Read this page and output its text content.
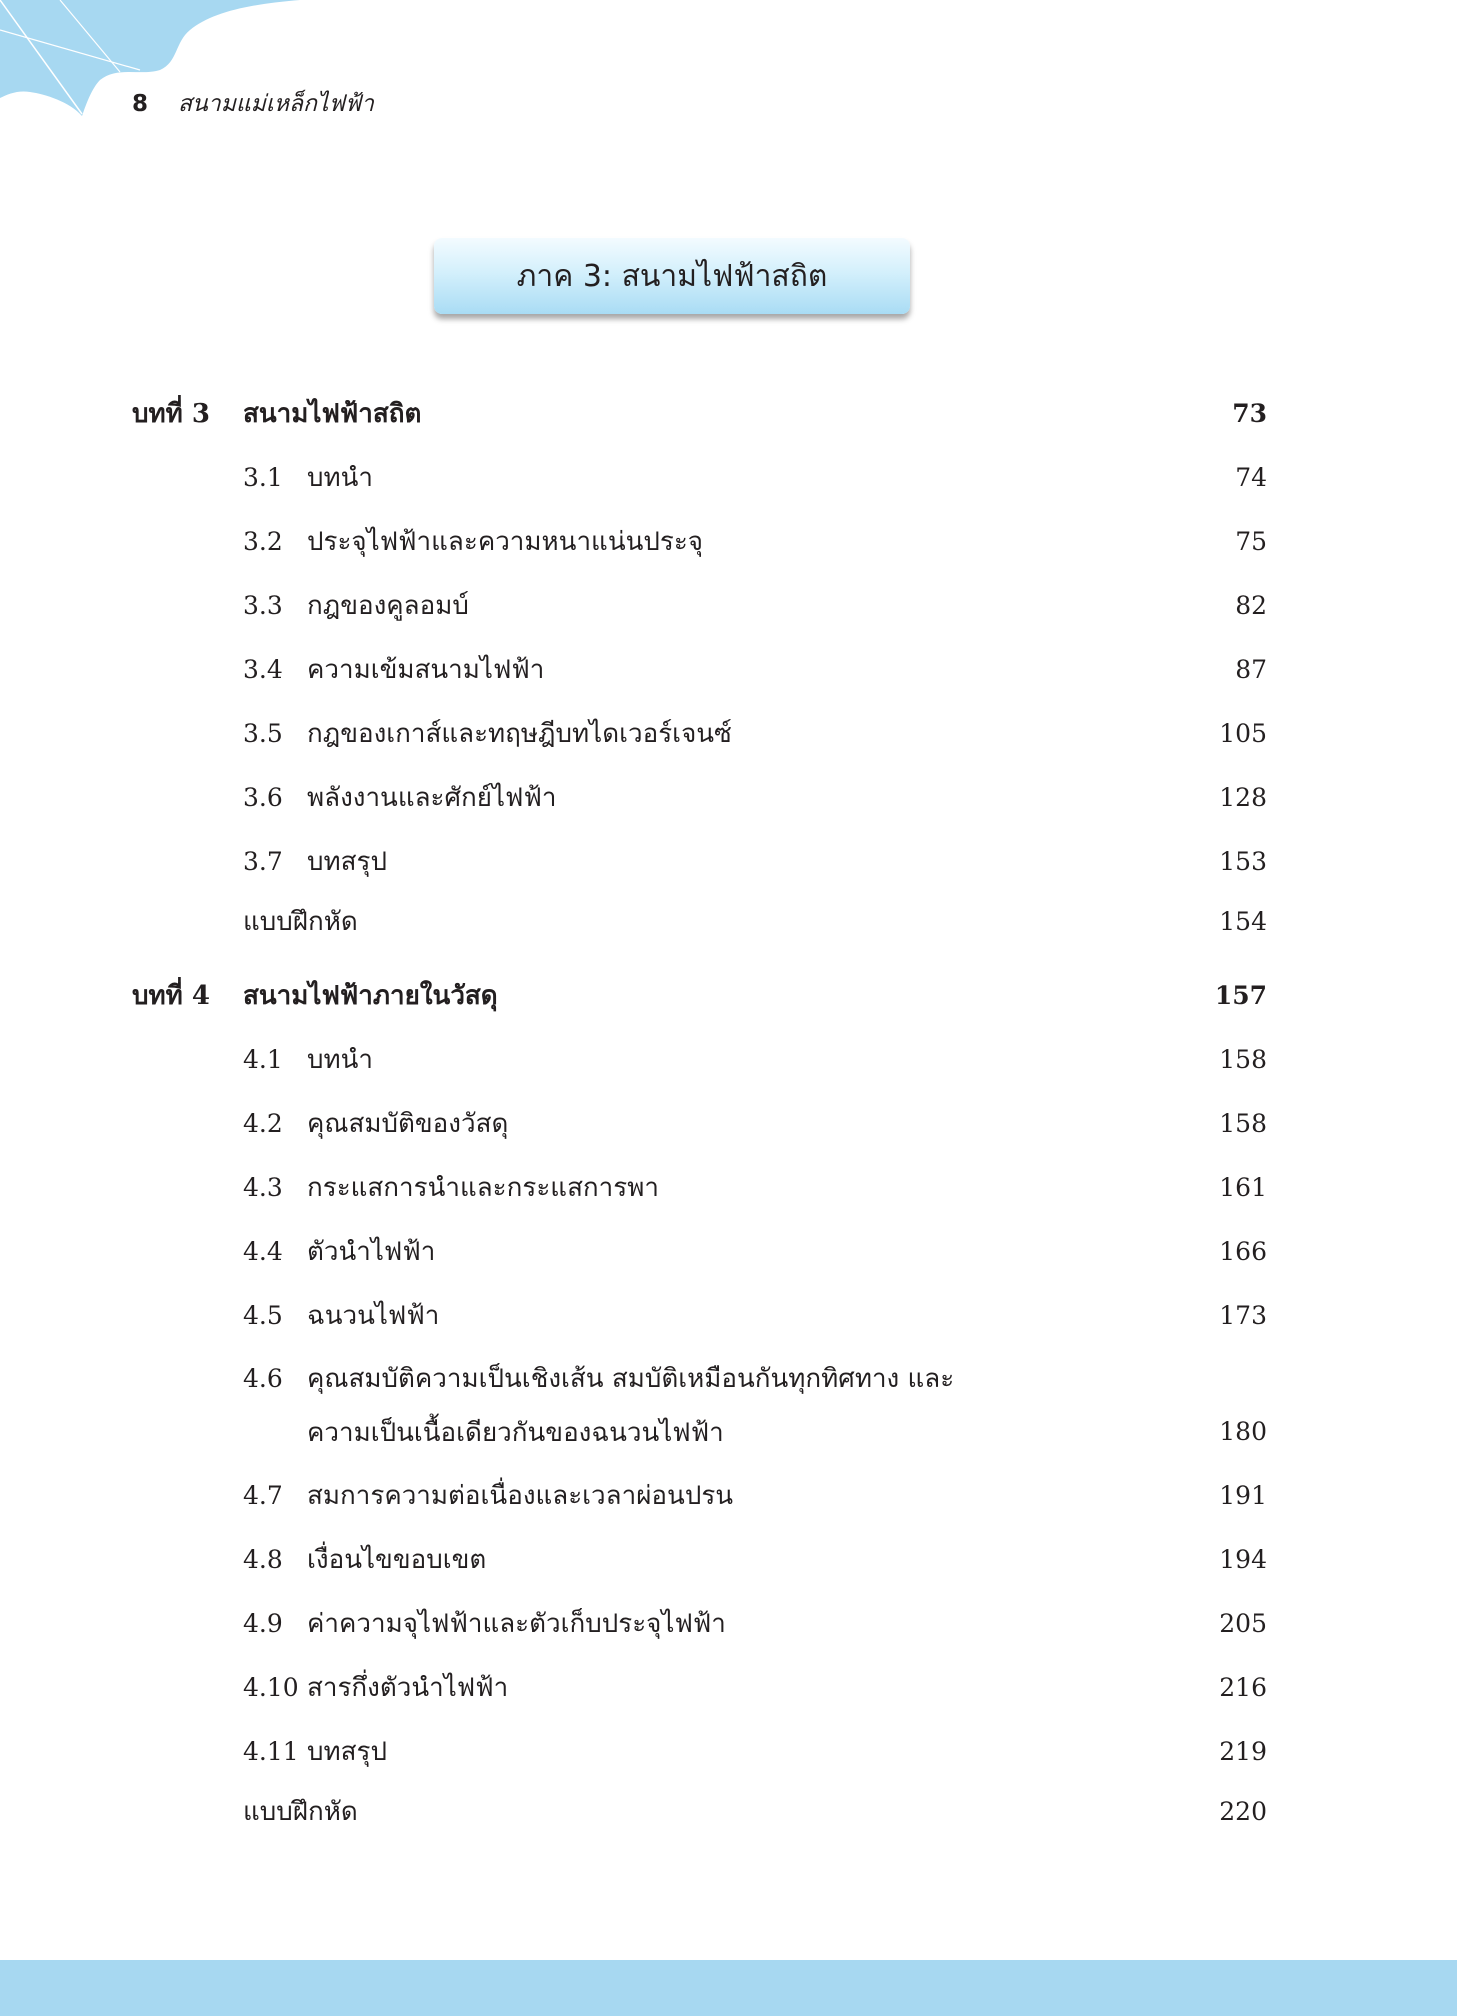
8 สนามแม่เหล็กไฟฟ้า
ภาค 3: สนามไฟฟ้าสถิต
บทที่ 3 สนามไฟฟ้าสถิต	73
3.1 บทนำ	74
3.2 ประจุไฟฟ้าและความหนาแน่นประจุ	75
3.3 กฎของคูลอมบ์	82
3.4 ความเข้มสนามไฟฟ้า	87
3.5 กฎของเกาส์และทฤษฎีบทไดเวอร์เจนซ์	105
3.6 พลังงานและศักย์ไฟฟ้า	128
3.7 บทสรุป	153
แบบฝึกหัด	154
บทที่ 4 สนามไฟฟ้าภายในวัสดุ	157
4.1 บทนำ	158
4.2 คุณสมบัติของวัสดุ	158
4.3 กระแสการนำและกระแสการพา	161
4.4 ตัวนำไฟฟ้า	166
4.5 ฉนวนไฟฟ้า	173
4.6 คุณสมบัติความเป็นเชิงเส้น สมบัติเหมือนกันทุกทิศทาง และความเป็นเนื้อเดียวกันของฉนวนไฟฟ้า	180
4.7 สมการความต่อเนื่องและเวลาผ่อนปรน	191
4.8 เงื่อนไขขอบเขต	194
4.9 ค่าความจุไฟฟ้าและตัวเก็บประจุไฟฟ้า	205
4.10 สารกึ่งตัวนำไฟฟ้า	216
4.11 บทสรุป	219
แบบฝึกหัด	220
